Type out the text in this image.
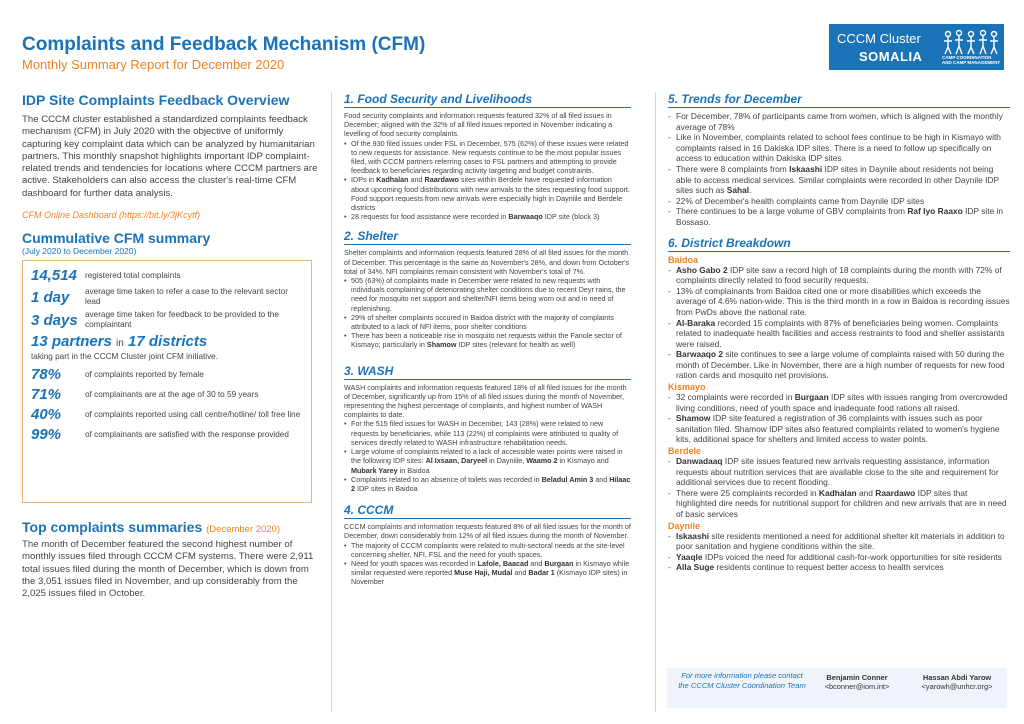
Complaints and Feedback Mechanism (CFM)
Monthly Summary Report for December 2020
CCCM Cluster
SOMALIA	CAMP COORDINATION AND CAMP MANAGEMENT
IDP Site Complaints Feedback Overview

The CCCM cluster established a standardized complaints feedback mechanism (CFM) in July 2020 with the objective of uniformly capturing key complaint data which can be analyzed by humanitarian partners. This monthly snapshot highlights important IDP complaint-related trends and tendencies for locations where CCCM partners are active. Stakeholders can also access the cluster's real-time CFM dashboard for further data analysis.

CFM Online Dashboard (https://bit.ly/3jKcytf)
Cummulative CFM summary
(July 2020 to December 2020)
14,514 registered total complaints
1 day	average time taken to refer a case to the relevant sector lead
3 days average time taken for feedback to be provided to the complaintant
13 partners in 17 districts
taking part in the CCCM Cluster joint CFM initiative.
78%	of complaints reported by female
71%	of complainants are at the age of 30 to 59 years
40%	of complaints reported using call centre/hotline/ toll free line
99%	of complainants are satisfied with the response provided
Top complaints summaries (December 2020)

The month of December featured the second highest number of monthly issues filed through CCCM CFM systems. There were 2,911 total issues filed during the month of December, which is down from the 3,051 issues filed in November, and up considerably from the 2,025 issues filed in October.

1. Food Security and Livelihoods

Food security complaints and information requests featured 32% of all filed issues in December; aligned with the 32% of all filed issues reported in November indicating a levelling of food security complaints.

• Of the 930 filed issues under FSL in December, 575 (62%) of these issues were related to new requests for assistance. New requests continue to be the most popular issues filed, with CCCM partners referring cases to FSL partners and attempting to provide feedback to beneficiaries regarding activity targeting and budget constraints.
• IDPs in Kadhalan and Raardawo sites within Berdele have requested information about upcoming food distributions with new arrivals to the sites requesting food support. Food support requests from new arrivals were especially high in Dayniile and Berdele districts
• 28 requests for food assistance were recorded in Barwaaqo IDP site (block 3)
2. Shelter

Shelter complaints and information requests featured 28% of all filed issues for the month of December. This percentage is the same as November's 28%, and down from October's total of 34%. NFI complaints remain consistent with November's total of 7%.

• 505 (63%) of complaints made in December were related to new requests with individuals complaining of deteriorating shelter conditions due to recent Deyr rains, the need for mosquito net support and shelter/NFI items being worn out and in need of replenishing.
• 29% of shelter complaints occured in Baidoa district with the majority of complaints attributed to a lack of NFI items, poor shelter conditions
• There has been a noticeable rise in mosquito net requests within the Fanole sector of Kismayo; particularly in Shamow IDP sites (relevant for health as well)
3. WASH

WASH complaints and information requests featured 18% of all filed issues for the month of December, significantly up from 15% of all filed issues during the month of November, representing the highest percentage of complaints, and highest number of WASH complaints to date.

• For the 515 filed issues for WASH in December, 143 (28%) were related to new requests by beneficiaries, while 113 (22%) of complaints were attributed to quality of services directly related to WASH infrastructure rehabilitation needs.
• Large volume of complaints related to a lack of accessible water points were raised in the following IDP sites: Al Ixsaan, Daryeel in Dayniile, Waamo 2 in Kismayo and Mubark Yarey in Baidoa
• Complaints related to an absence of toilets was recorded in Beladul Amin 3 and Hilaac 2 IDP sites in Baidoa
4. CCCM

CCCM complaints and information requests featured 8% of all filed issues for the month of December, down considerably from 12% of all filed issues during the month of November.

• The majority of CCCM complaints were related to multi-sectoral needs at the site-level concerning shelter, NFI, FSL and the need for youth spaces.
• Need for youth spaces was recorded in Lafole, Baacad and Burgaan in Kismayo while similar requested were reported Muse Haji, Mudal and Badar 1 (Kismayo IDP sites) in November
5. Trends for December
- For December, 78% of participants came from women, which is aligned with the monthly average of 78%
- Like in November, complaints related to school fees continue to be high in Kismayo with complaints raised in 16 Dakiska IDP sites. There is a need to follow up specifically on access to education within Dakiska IDP sites
- There were 8 complaints from Iskaashi IDP sites in Daynile about residents not being able to access medical services. Similar complaints were recorded in other Daynile IDP sites such as Sahal.
- 22% of December's health complaints came from Daynile IDP sites
- There continues to be a large volume of GBV complaints from Raf Iyo Raaxo IDP site in Bossaso.
6. District Breakdown
Baidoa
- Asho Gabo 2 IDP site saw a record high of 18 complaints during the month with 72% of complaints directly related to food security requests.
- 13% of complainants from Baidoa cited one or more disabilities which exceeds the average of 4.6% nation-wide. This is the third month in a row in Baidoa is recording issues from PwDs above the national rate.
- Al-Baraka recorded 15 complaints with 87% of beneficiaries being women. Complaints related to inadequate health facilities and access restraints to food and shelter assistants were raised.
- Barwaaqo 2 site continues to see a large volume of complaints raised with 50 during the month of December. Like in November, there are a high number of requests for new food ration cards and mosquito net provisions.
Kismayo
- 32 complaints were recorded in Burgaan IDP sites with issues ranging from overcrowded living conditions, need of youth space and inadequate food rations all raised.
- Shamow IDP site featured a registration of 36 complaints with issues such as poor sanitation filed. Shamow IDP sites also featured complaints related to women's hygiene kits, additional space for shelters and limited access to water points.
Berdele
- Danwadaaq IDP site issues featured new arrivals requesting assistance, information requests about nutrition services that are available close to the site and requirement for additional services due to recent flooding.
- There were 25 complaints recorded in Kadhalan and Raardawo IDP sites that highlighted dire needs for nutritional support for children and new arrivals that are in need of basic services
Daynile
- Iskaashi site residents mentioned a need for additional shelter kit materials in addition to poor sanitation and hygiene conditions within the site.
- Yaaqle IDPs voiced the need for additional cash-for-work opportunities for site residents
- Alla Suge residents continue to request better access to health services
For more information please contact the CCCM Cluster Coordination Team
Benjamin Conner
<bconner@iom.int>
Hassan Abdi Yarow
<yarowh@unhcr.org>
